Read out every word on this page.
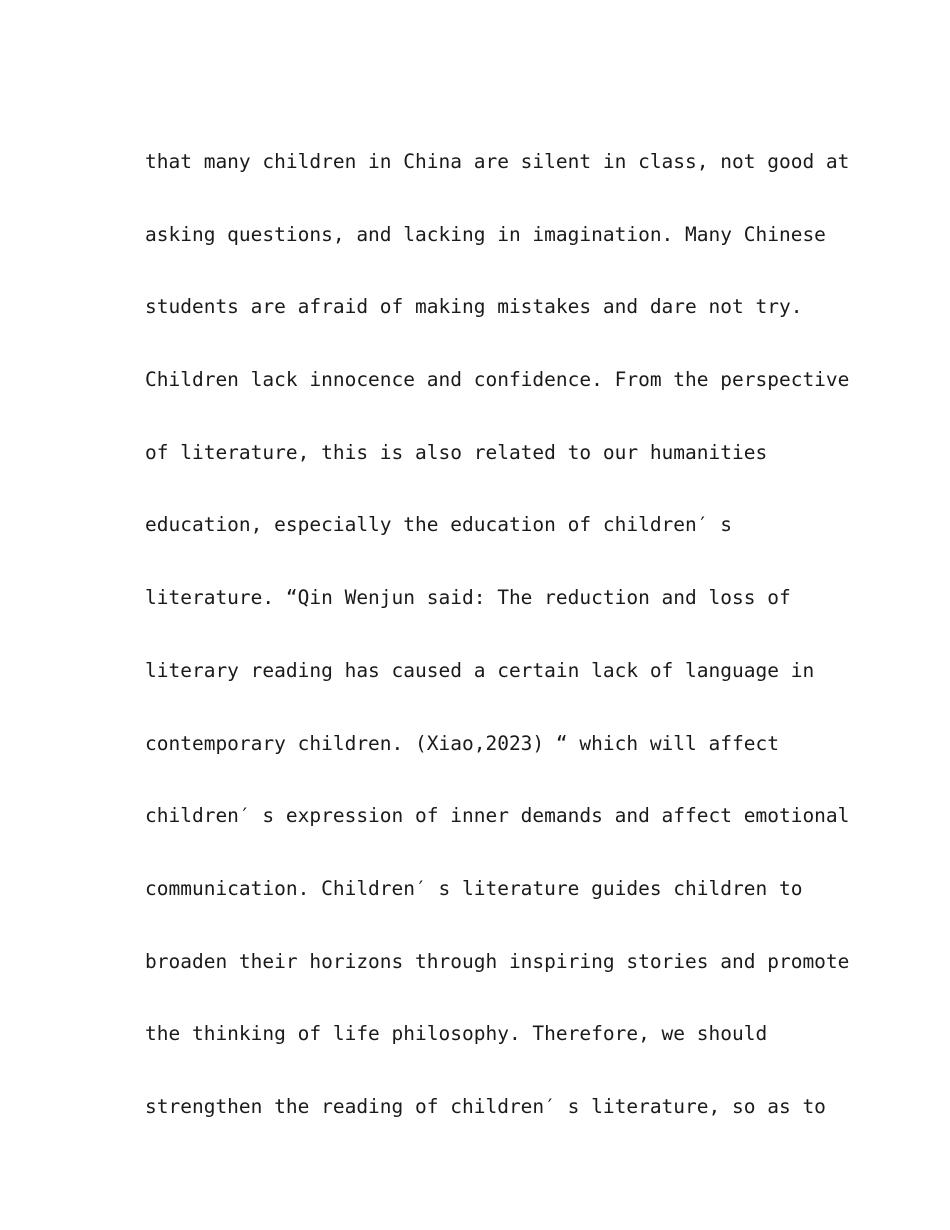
that many children in China are silent in class, not good at
asking questions, and lacking in imagination. Many Chinese
students are afraid of making mistakes and dare not try.
Children lack innocence and confidence. From the perspective
of literature, this is also related to our humanities
education, especially the education of children′ s
literature. “Qin Wenjun said: The reduction and loss of
literary reading has caused a certain lack of language in
contemporary children. (Xiao,2023) “ which will affect
children′ s expression of inner demands and affect emotional
communication. Children′ s literature guides children to
broaden their horizons through inspiring stories and promote
the thinking of life philosophy. Therefore, we should
strengthen the reading of children′ s literature, so as to
